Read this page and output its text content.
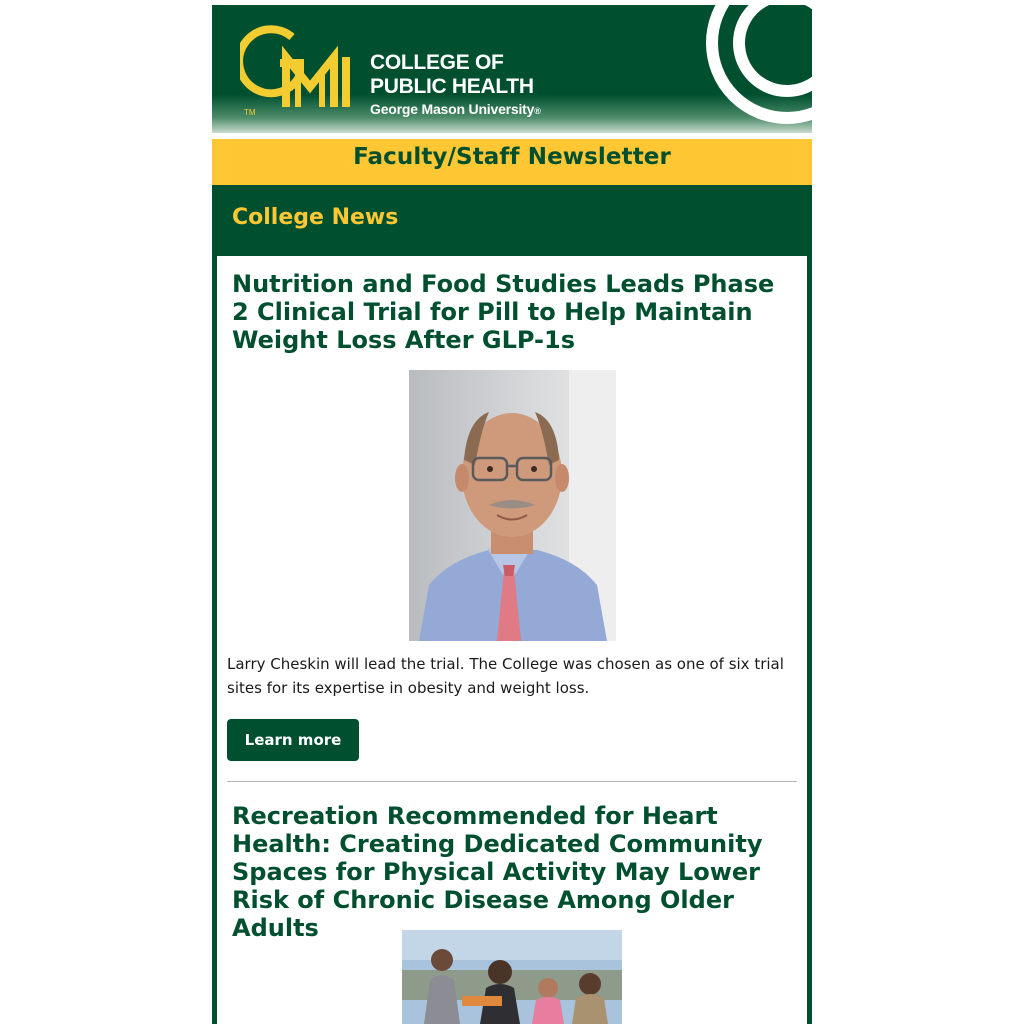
TM
COLLEGE OF
PUBLIC HEALTH
George Mason University®
Faculty/Staff Newsletter
College News
Nutrition and Food Studies Leads Phase 2 Clinical Trial for Pill to Help Maintain Weight Loss After GLP-1s

Larry Cheskin will lead the trial. The College was chosen as one of six trial sites for its expertise in obesity and weight loss.

Learn more
Recreation Recommended for Heart Health: Creating Dedicated Community Spaces for Physical Activity May Lower Risk of Chronic Disease Among Older Adults
